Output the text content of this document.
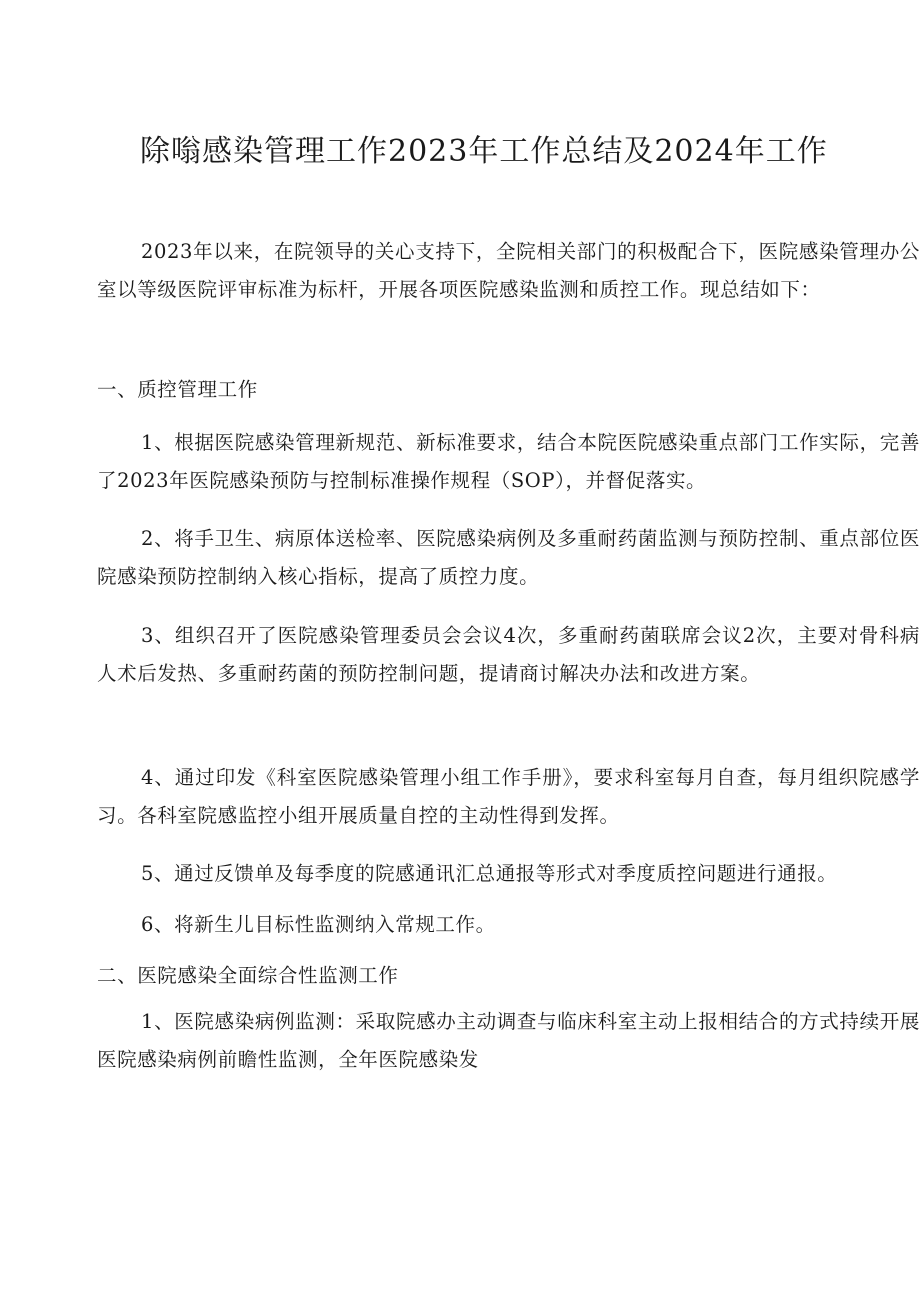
除嗡感染管理工作2023年工作总结及2024年工作

2023年以来，在院领导的关心支持下，全院相关部门的积极配合下，医院感染管理办公室以等级医院评审标准为标杆，开展各项医院感染监测和质控工作。现总结如下：

一、质控管理工作

1、根据医院感染管理新规范、新标准要求，结合本院医院感染重点部门工作实际，完善了2023年医院感染预防与控制标准操作规程（SOP），并督促落实。

2、将手卫生、病原体送检率、医院感染病例及多重耐药菌监测与预防控制、重点部位医院感染预防控制纳入核心指标，提高了质控力度。

3、组织召开了医院感染管理委员会会议4次，多重耐药菌联席会议2次，主要对骨科病人术后发热、多重耐药菌的预防控制问题，提请商讨解决办法和改进方案。

4、通过印发《科室医院感染管理小组工作手册》，要求科室每月自查，每月组织院感学习。各科室院感监控小组开展质量自控的主动性得到发挥。

5、通过反馈单及每季度的院感通讯汇总通报等形式对季度质控问题进行通报。

6、将新生儿目标性监测纳入常规工作。

二、医院感染全面综合性监测工作

1、医院感染病例监测：采取院感办主动调查与临床科室主动上报相结合的方式持续开展医院感染病例前瞻性监测，全年医院感染发
